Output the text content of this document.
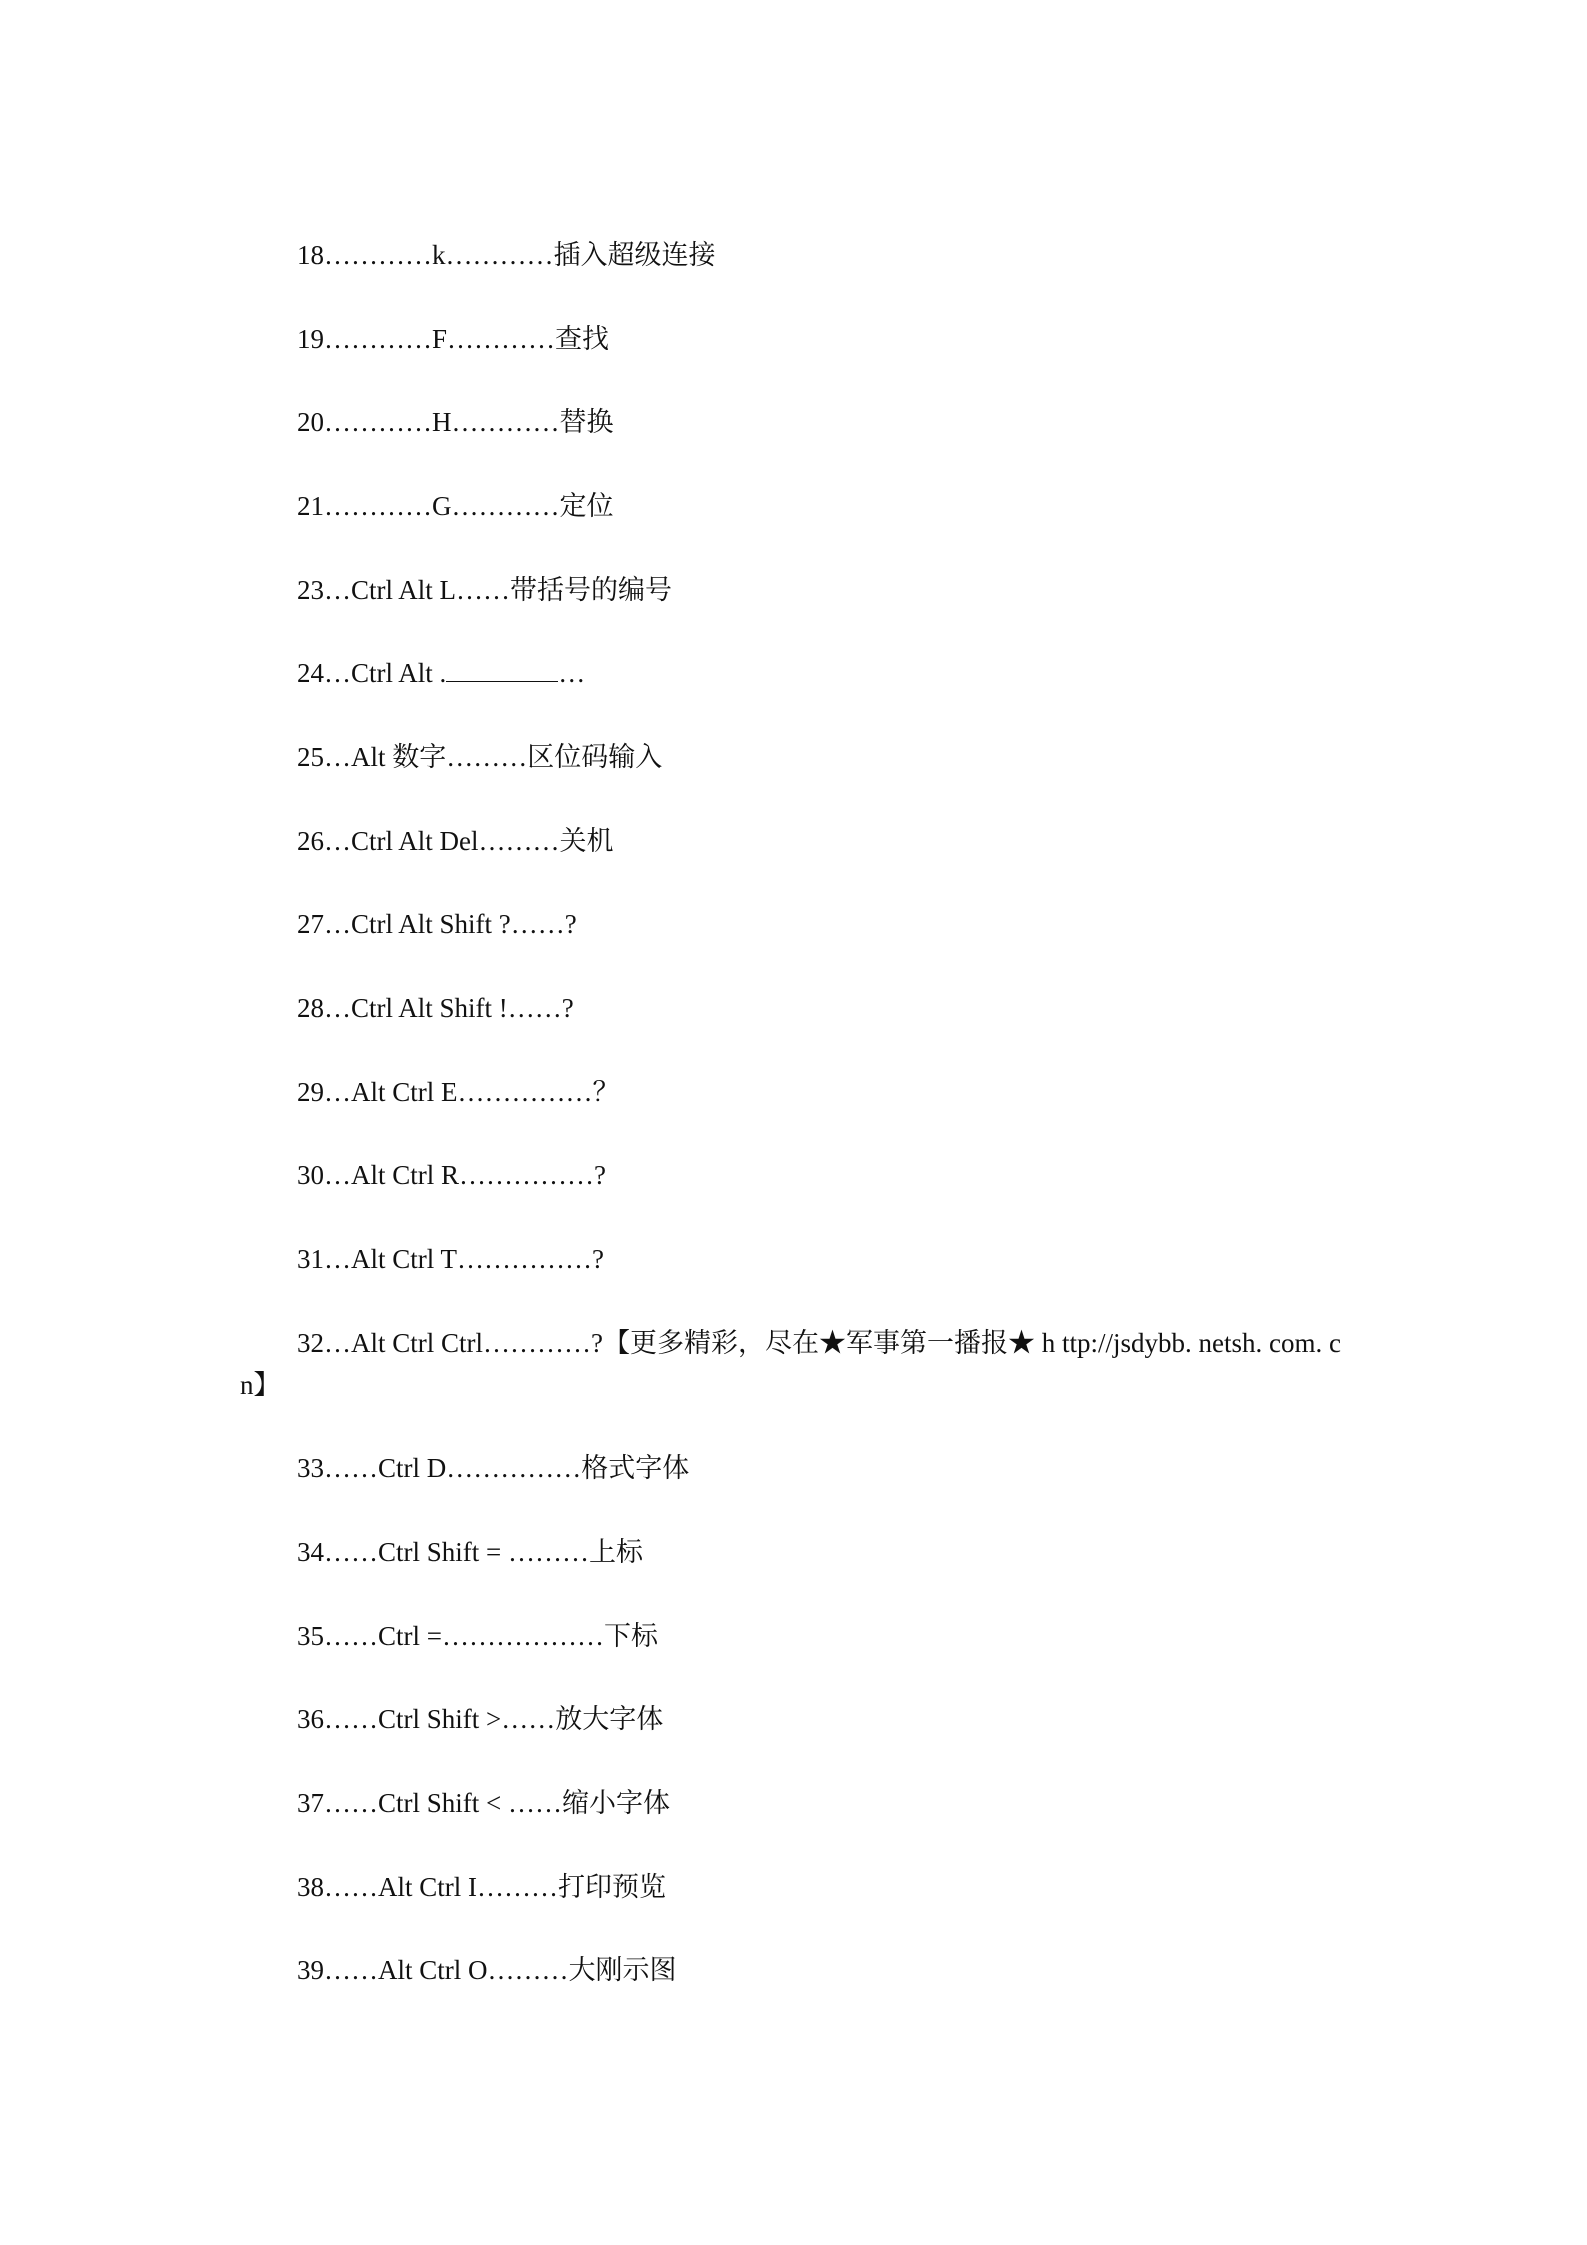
18…………k…………插入超级连接
19…………F…………查找
20…………H…………替换
21…………G…………定位
23…Ctrl Alt L……带括号的编号
24…Ctrl Alt .	…
25…Alt 数字………区位码输入
26…Ctrl Alt Del………关机
27…Ctrl Alt Shift ?……?
28…Ctrl Alt Shift !……?
29…Alt Ctrl E……………？
30…Alt Ctrl R……………?
31…Alt Ctrl T……………?
32…Alt Ctrl Ctrl…………?【更多精彩，尽在★军事第一播报★ h ttp://jsdybb. netsh. com. cn】
33……Ctrl D……………格式字体
34……Ctrl Shift = ………上标
35……Ctrl =………………下标
36……Ctrl Shift >……放大字体
37……Ctrl Shift < ……缩小字体
38……Alt Ctrl I………打印预览
39……Alt Ctrl O………大刚示图
